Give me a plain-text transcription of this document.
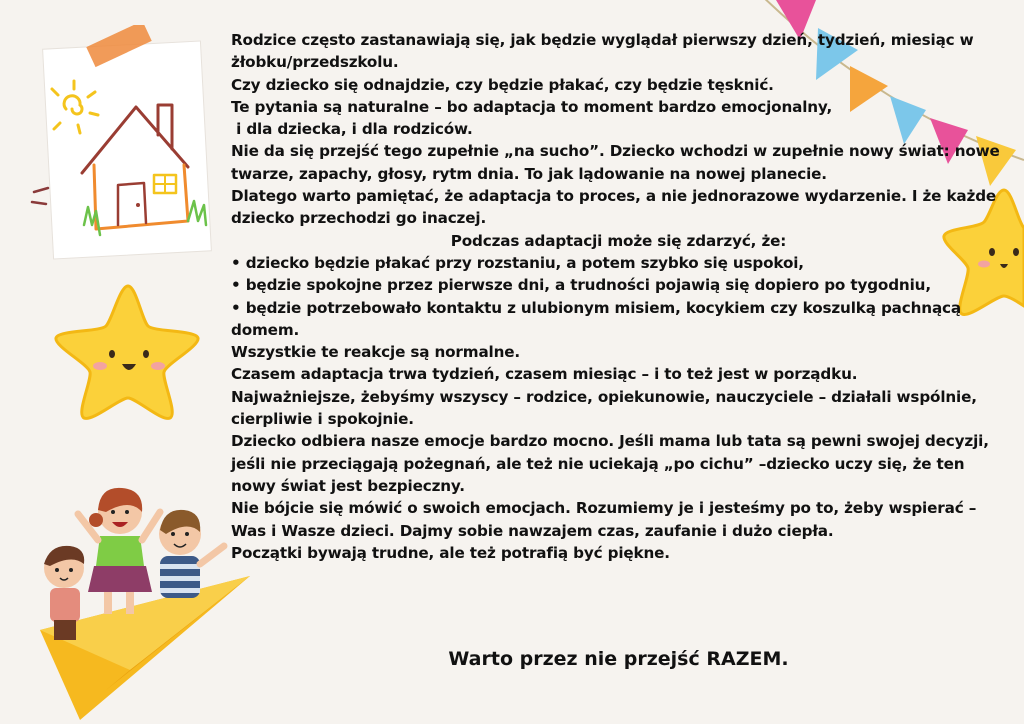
Rodzice często zastanawiają się, jak będzie wyglądał pierwszy dzień, tydzień, miesiąc w żłobku/przedszkolu.

Czy dziecko się odnajdzie, czy będzie płakać, czy będzie tęsknić.

Te pytania są naturalne – bo adaptacja to moment bardzo emocjonalny,

i dla dziecka, i dla rodziców.

Nie da się przejść tego zupełnie „na sucho”. Dziecko wchodzi w zupełnie nowy świat: nowe twarze, zapachy, głosy, rytm dnia. To jak lądowanie na nowej planecie.

Dlatego warto pamiętać, że adaptacja to proces, a nie jednorazowe wydarzenie. I że każde dziecko przechodzi go inaczej.

Podczas adaptacji może się zdarzyć, że:

• dziecko będzie płakać przy rozstaniu, a potem szybko się uspokoi,

• będzie spokojne przez pierwsze dni, a trudności pojawią się dopiero po tygodniu,

• będzie potrzebowało kontaktu z ulubionym misiem, kocykiem czy koszulką pachnącą domem.

Wszystkie te reakcje są normalne.

Czasem adaptacja trwa tydzień, czasem miesiąc – i to też jest w porządku.

Najważniejsze, żebyśmy wszyscy – rodzice, opiekunowie, nauczyciele – działali wspólnie, cierpliwie i spokojnie.

Dziecko odbiera nasze emocje bardzo mocno. Jeśli mama lub tata są pewni swojej decyzji, jeśli nie przeciągają pożegnań, ale też nie uciekają „po cichu” –dziecko uczy się, że ten nowy świat jest bezpieczny.

Nie bójcie się mówić o swoich emocjach. Rozumiemy je i jesteśmy po to, żeby wspierać – Was i Wasze dzieci. Dajmy sobie nawzajem czas, zaufanie i dużo ciepła.

Początki bywają trudne, ale też potrafią być piękne.

Warto przez nie przejść RAZEM.
